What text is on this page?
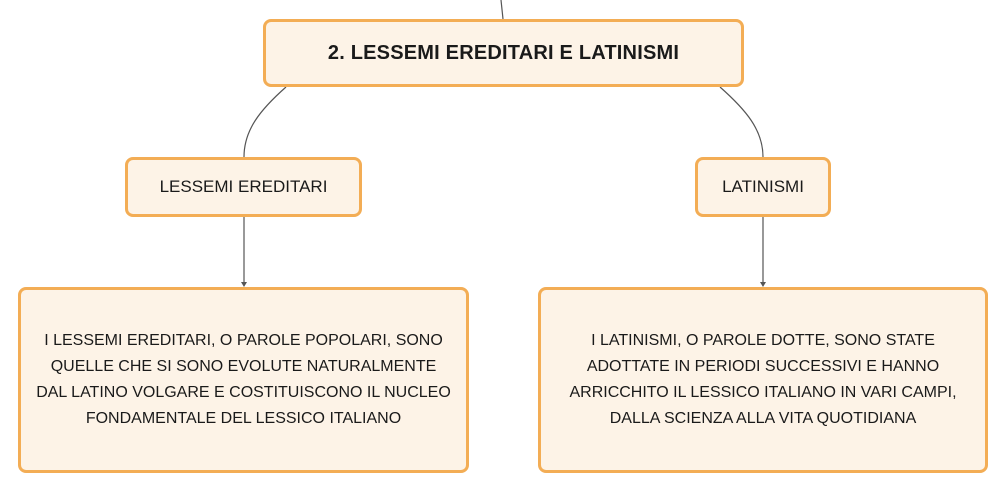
2. LESSEMI EREDITARI E LATINISMI
LESSEMI EREDITARI	LATINISMI
I LESSEMI EREDITARI, O PAROLE POPOLARI, SONO QUELLE CHE SI SONO EVOLUTE NATURALMENTE DAL LATINO VOLGARE E COSTITUISCONO IL NUCLEO FONDAMENTALE DEL LESSICO ITALIANO
I LATINISMI, O PAROLE DOTTE, SONO STATE ADOTTATE IN PERIODI SUCCESSIVI E HANNO ARRICCHITO IL LESSICO ITALIANO IN VARI CAMPI, DALLA SCIENZA ALLA VITA QUOTIDIANA
